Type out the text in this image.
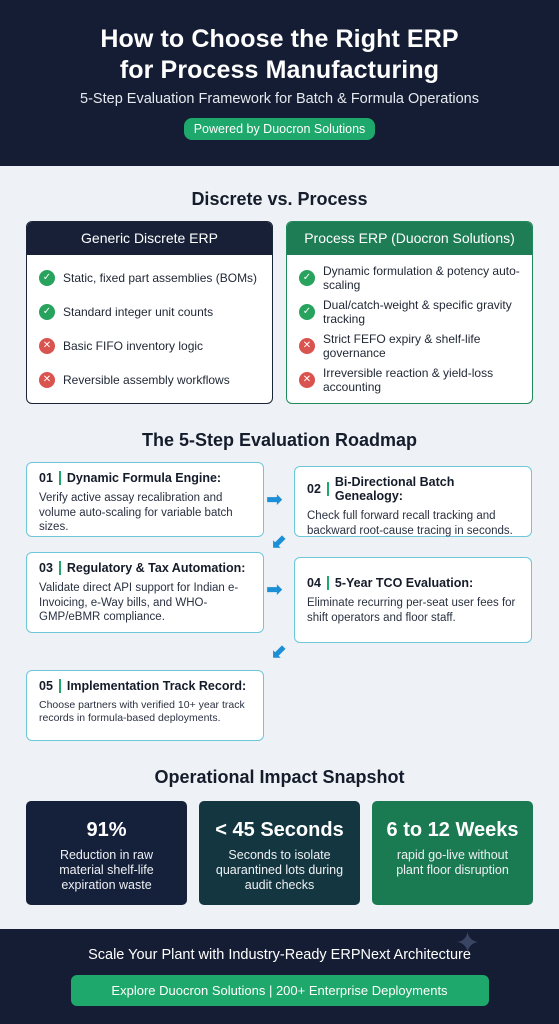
How to Choose the Right ERP
for Process Manufacturing
5-Step Evaluation Framework for Batch & Formula Operations
Powered by Duocron Solutions
Discrete vs. Process
Generic Discrete ERP
✓ Static, fixed part assemblies (BOMs)
✓ Standard integer unit counts
✕ Basic FIFO inventory logic
✕ Reversible assembly workflows
Process ERP (Duocron Solutions)
✓ Dynamic formulation & potency auto-scaling
✓ Dual/catch-weight & specific gravity tracking
✕ Strict FEFO expiry & shelf-life governance
✕ Irreversible reaction & yield-loss accounting
The 5-Step Evaluation Roadmap
01 Dynamic Formula Engine:
Verify active assay recalibration and volume auto-scaling for variable batch sizes.
➡ 02 Bi-Directional Batch Genealogy:
Check full forward recall tracking and backward root-cause tracing in seconds.
➡
03 Regulatory & Tax Automation:
Validate direct API support for Indian e-Invoicing, e-Way bills, and WHO-GMP/eBMR compliance.
➡ 04 5-Year TCO Evaluation:
Eliminate recurring per-seat user fees for shift operators and floor staff.
➡
05 Implementation Track Record:
Choose partners with verified 10+ year track records in formula-based deployments.
Operational Impact Snapshot
91%
Reduction in raw material shelf-life expiration waste
< 45 Seconds
Seconds to isolate quarantined lots during audit checks
6 to 12 Weeks
rapid go-live without plant floor disruption
Scale Your Plant with Industry-Ready ERPNext Architecture
Explore Duocron Solutions | 200+ Enterprise Deployments
✦
